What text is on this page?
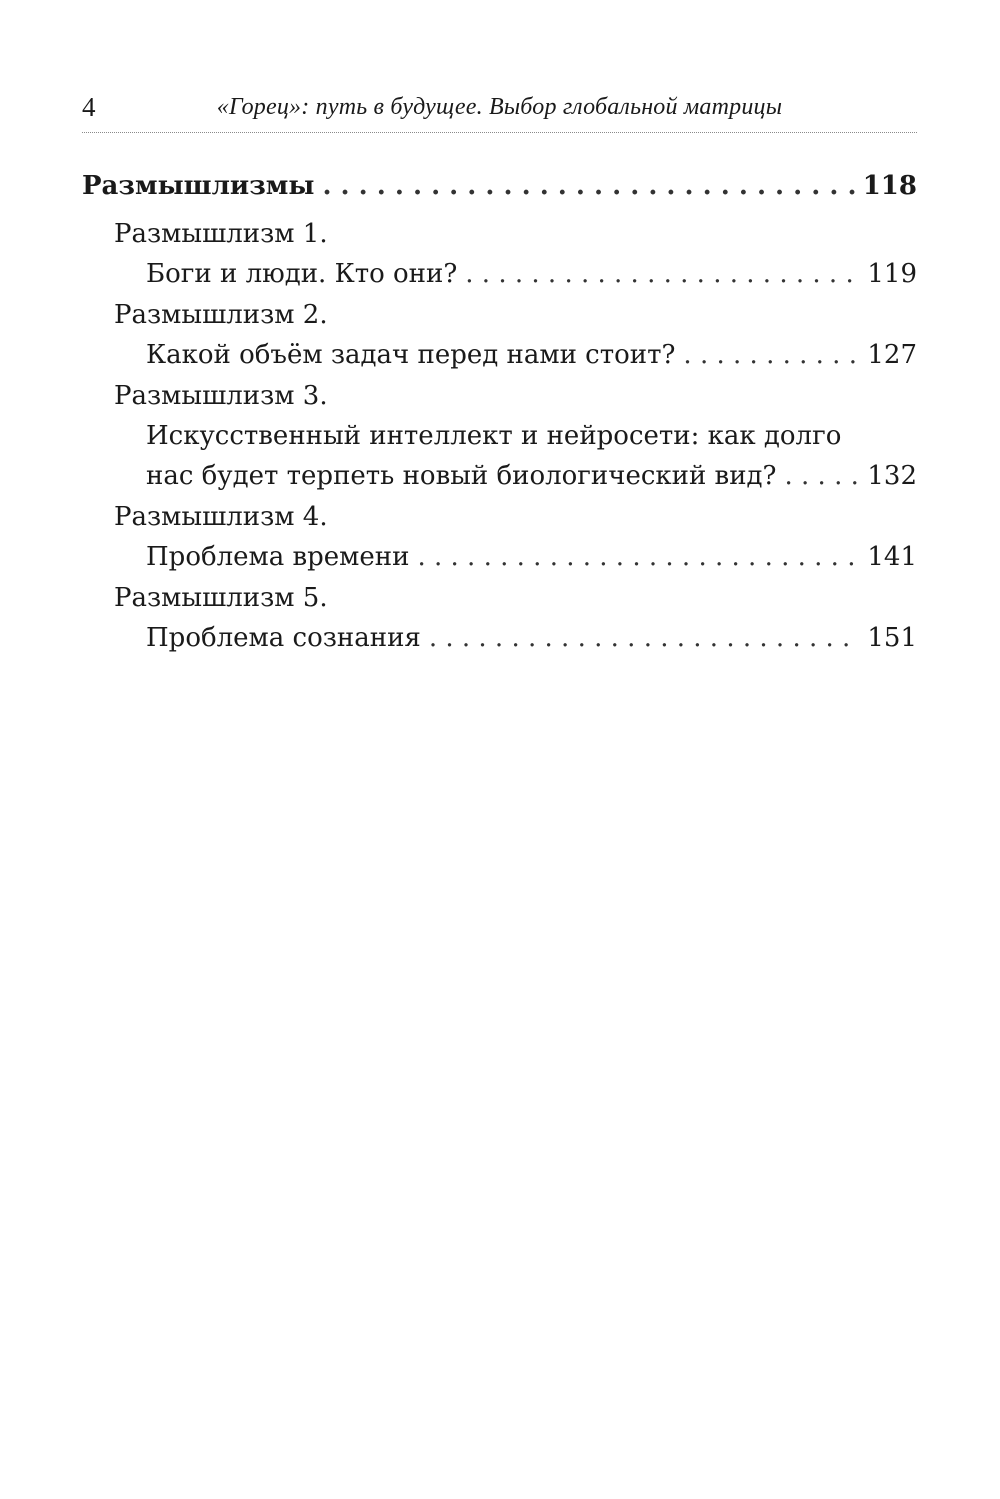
4	«Горец»: путь в будущее. Выбор глобальной матрицы
Размышлизмы . . .	118
Размышлизм 1.
Боги и люди. Кто они? . . .	119
Размышлизм 2.
Какой объём задач перед нами стоит? . . .	127
Размышлизм 3.
Искусственный интеллект и нейросети: как долго
нас будет терпеть новый биологический вид? . . .	132
Размышлизм 4.
Проблема времени . . .	141
Размышлизм 5.
Проблема сознания . . .	151
